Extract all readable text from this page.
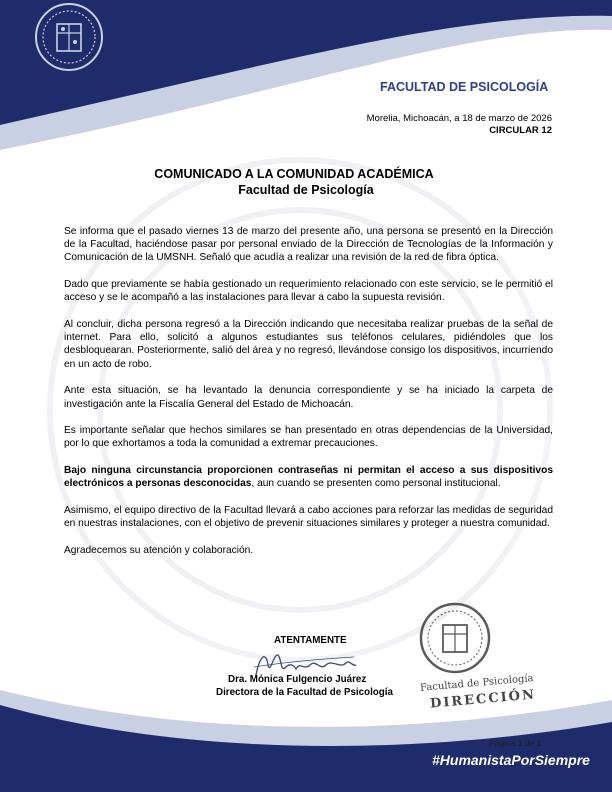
FACULTAD DE PSICOLOGÍA
Morelia, Michoacán, a 18 de marzo de 2026
CIRCULAR 12
COMUNICADO A LA COMUNIDAD ACADÉMICA
Facultad de Psicología

Se informa que el pasado viernes 13 de marzo del presente año, una persona se presentó en la Dirección de la Facultad, haciéndose pasar por personal enviado de la Dirección de Tecnologías de la Información y Comunicación de la UMSNH. Señaló que acudía a realizar una revisión de la red de fibra óptica.

Dado que previamente se había gestionado un requerimiento relacionado con este servicio, se le permitió el acceso y se le acompañó a las instalaciones para llevar a cabo la supuesta revisión.

Al concluir, dicha persona regresó a la Dirección indicando que necesitaba realizar pruebas de la señal de internet. Para ello, solicitó a algunos estudiantes sus teléfonos celulares, pidiéndoles que los desbloquearan. Posteriormente, salió del área y no regresó, llevándose consigo los dispositivos, incurriendo en un acto de robo.

Ante esta situación, se ha levantado la denuncia correspondiente y se ha iniciado la carpeta de investigación ante la Fiscalía General del Estado de Michoacán.

Es importante señalar que hechos similares se han presentado en otras dependencias de la Universidad, por lo que exhortamos a toda la comunidad a extremar precauciones.

Bajo ninguna circunstancia proporcionen contraseñas ni permitan el acceso a sus dispositivos electrónicos a personas desconocidas, aun cuando se presenten como personal institucional.

Asimismo, el equipo directivo de la Facultad llevará a cabo acciones para reforzar las medidas de seguridad en nuestras instalaciones, con el objetivo de prevenir situaciones similares y proteger a nuestra comunidad.

Agradecemos su atención y colaboración.

Facultad de Psicología
DIRECCIÓN
ATENTAMENTE
Dra. Mónica Fulgencio Juárez
Directora de la Facultad de Psicología
Página 1 de 1
#HumanistaPorSiempre
